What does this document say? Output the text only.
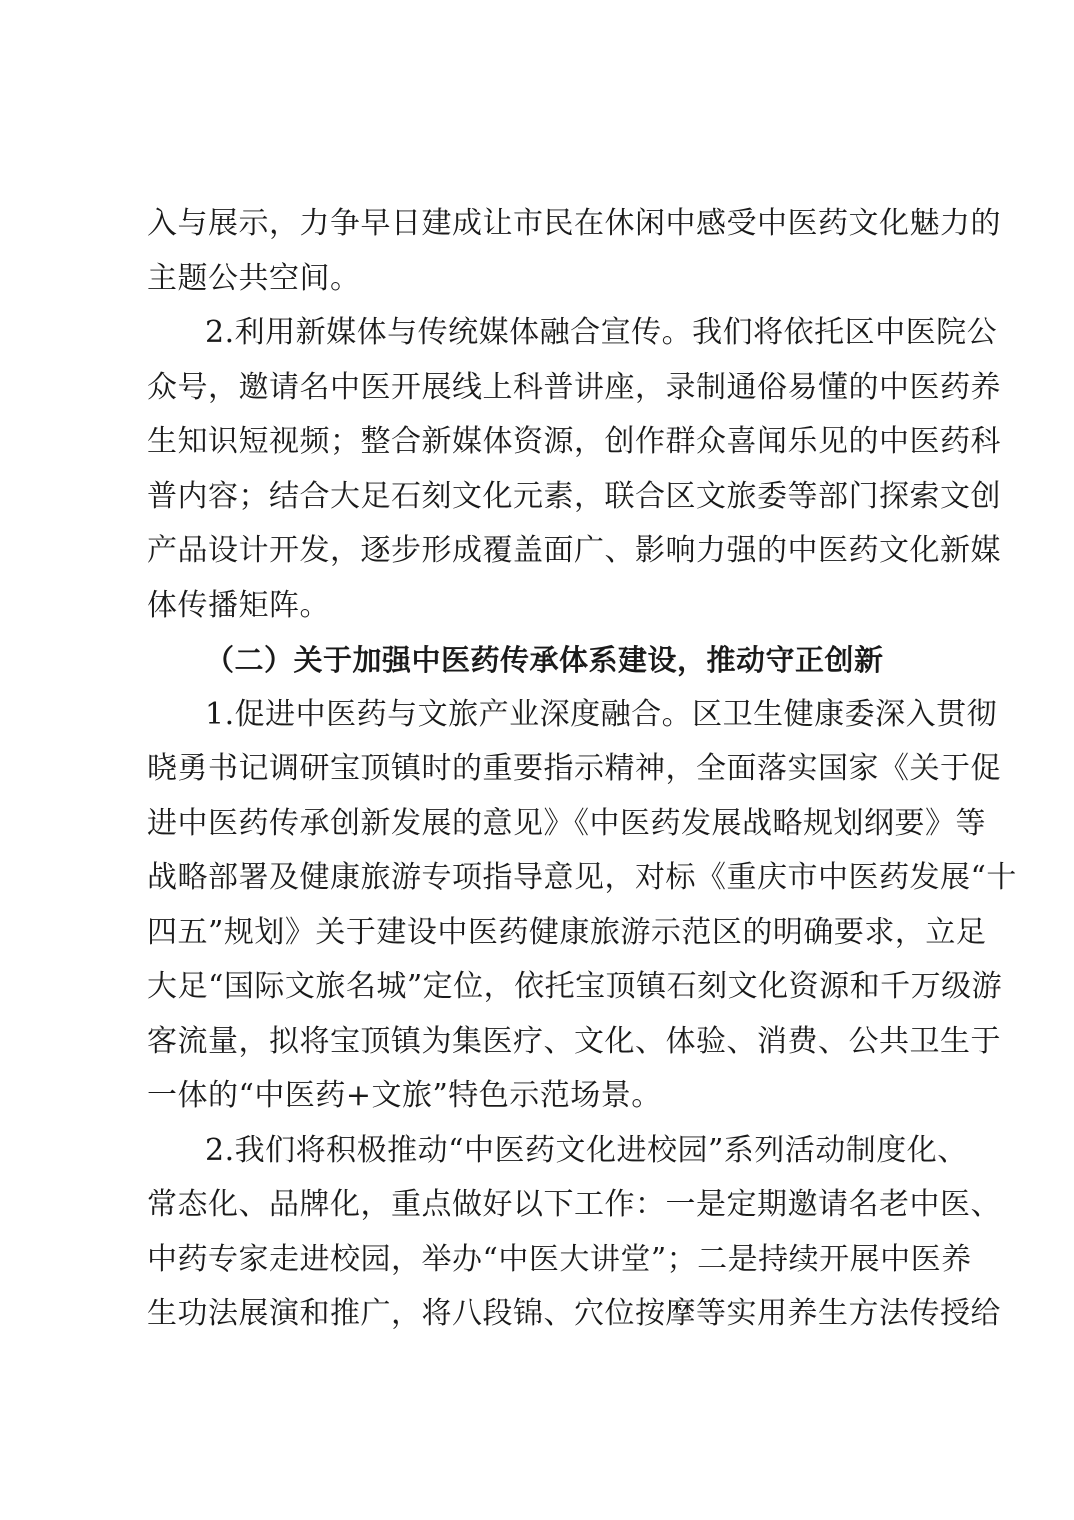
入与展示，力争早日建成让市民在休闲中感受中医药文化魅力的
主题公共空间。
2.利用新媒体与传统媒体融合宣传。我们将依托区中医院公
众号，邀请名中医开展线上科普讲座，录制通俗易懂的中医药养
生知识短视频；整合新媒体资源，创作群众喜闻乐见的中医药科
普内容；结合大足石刻文化元素，联合区文旅委等部门探索文创
产品设计开发，逐步形成覆盖面广、影响力强的中医药文化新媒
体传播矩阵。
（二）关于加强中医药传承体系建设，推动守正创新
1.促进中医药与文旅产业深度融合。区卫生健康委深入贯彻
晓勇书记调研宝顶镇时的重要指示精神，全面落实国家《关于促
进中医药传承创新发展的意见》《中医药发展战略规划纲要》等
战略部署及健康旅游专项指导意见，对标《重庆市中医药发展“十
四五”规划》关于建设中医药健康旅游示范区的明确要求，立足
大足“国际文旅名城”定位，依托宝顶镇石刻文化资源和千万级游
客流量，拟将宝顶镇为集医疗、文化、体验、消费、公共卫生于
一体的“中医药+文旅”特色示范场景。
2.我们将积极推动“中医药文化进校园”系列活动制度化、
常态化、品牌化，重点做好以下工作：一是定期邀请名老中医、
中药专家走进校园，举办“中医大讲堂”；二是持续开展中医养
生功法展演和推广，将八段锦、穴位按摩等实用养生方法传授给
